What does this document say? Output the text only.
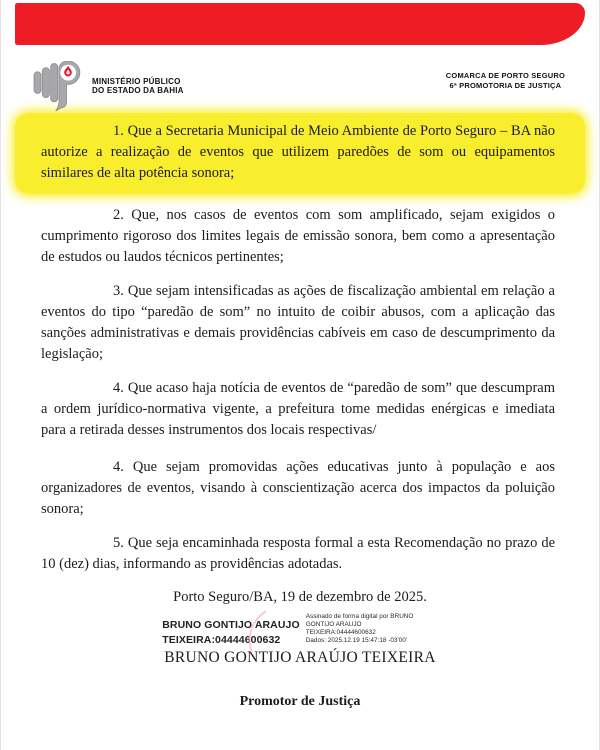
MINISTÉRIO PÚBLICO
DO ESTADO DA BAHIA
COMARCA DE PORTO SEGURO
6ª PROMOTORIA DE JUSTIÇA

1. Que a Secretaria Municipal de Meio Ambiente de Porto Seguro – BA não autorize a realização de eventos que utilizem paredões de som ou equipamentos similares de alta potência sonora;

2. Que, nos casos de eventos com som amplificado, sejam exigidos o cumprimento rigoroso dos limites legais de emissão sonora, bem como a apresentação de estudos ou laudos técnicos pertinentes;

3. Que sejam intensificadas as ações de fiscalização ambiental em relação a eventos do tipo “paredão de som” no intuito de coibir abusos, com a aplicação das sanções administrativas e demais providências cabíveis em caso de descumprimento da legislação;

4. Que acaso haja notícia de eventos de “paredão de som” que descumpram a ordem jurídico-normativa vigente, a prefeitura tome medidas enérgicas e imediata para a retirada desses instrumentos dos locais respectivas/

4. Que sejam promovidas ações educativas junto à população e aos organizadores de eventos, visando à conscientização acerca dos impactos da poluição sonora;

5. Que seja encaminhada resposta formal a esta Recomendação no prazo de 10 (dez) dias, informando as providências adotadas.

Porto Seguro/BA, 19 de dezembro de 2025.
BRUNO GONTIJO ARAUJO
TEIXEIRA:04444600632
Assinado de forma digital por BRUNO
GONTIJO ARAUJO
TEIXEIRA:04444600632
Dados: 2025.12.19 15:47:18 -03'00'
BRUNO GONTIJO ARAÚJO TEIXEIRA
Promotor de Justiça
